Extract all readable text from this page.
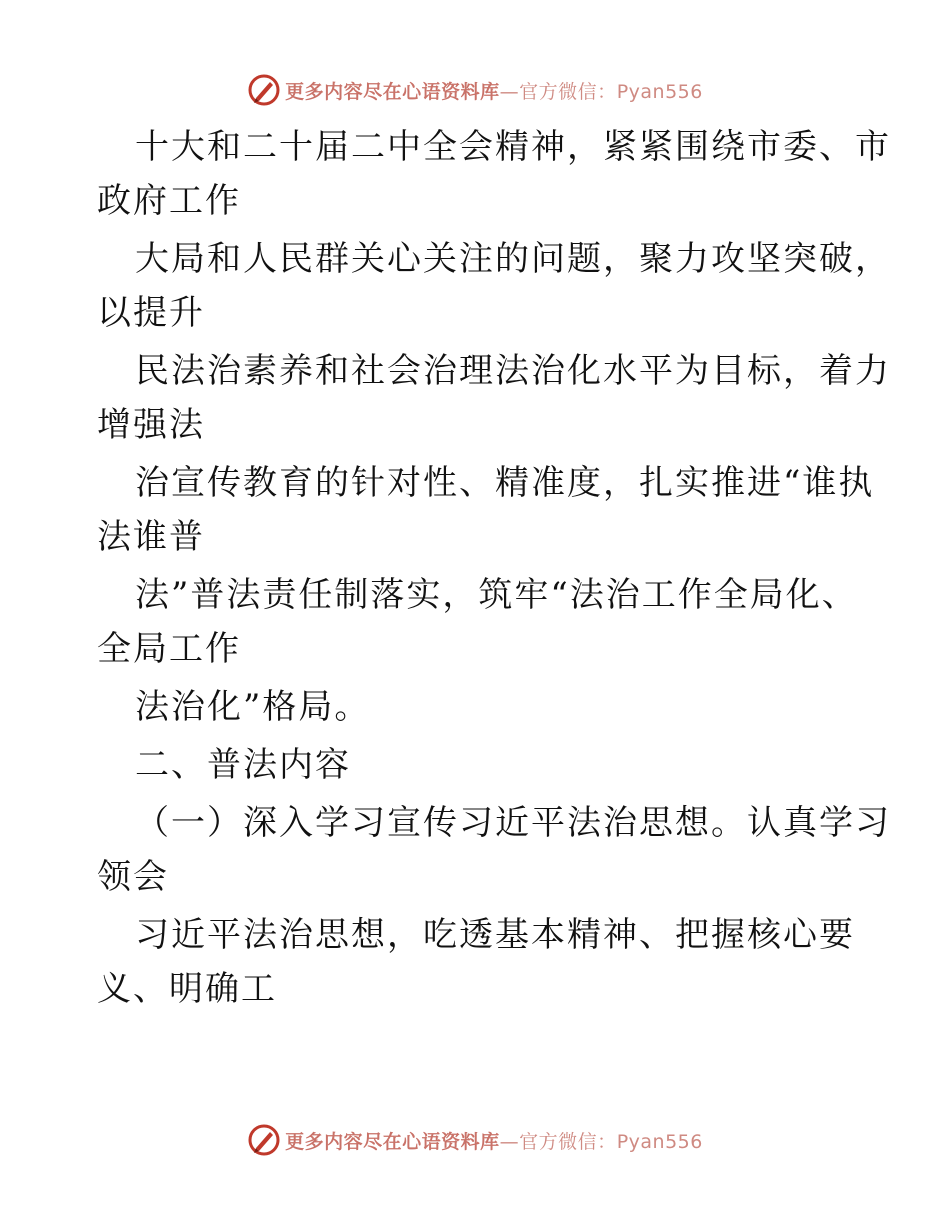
更多内容尽在心语资料库—官方微信：Pyan556
十大和二十届二中全会精神，紧紧围绕市委、市
政府工作
大局和人民群关心关注的问题，聚力攻坚突破，
以提升
民法治素养和社会治理法治化水平为目标，着力
增强法
治宣传教育的针对性、精准度，扎实推进“谁执
法谁普
法”普法责任制落实，筑牢“法治工作全局化、
全局工作
法治化”格局。
二、普法内容
（一）深入学习宣传习近平法治思想。认真学习
领会
习近平法治思想，吃透基本精神、把握核心要
义、明确工
更多内容尽在心语资料库—官方微信：Pyan556
